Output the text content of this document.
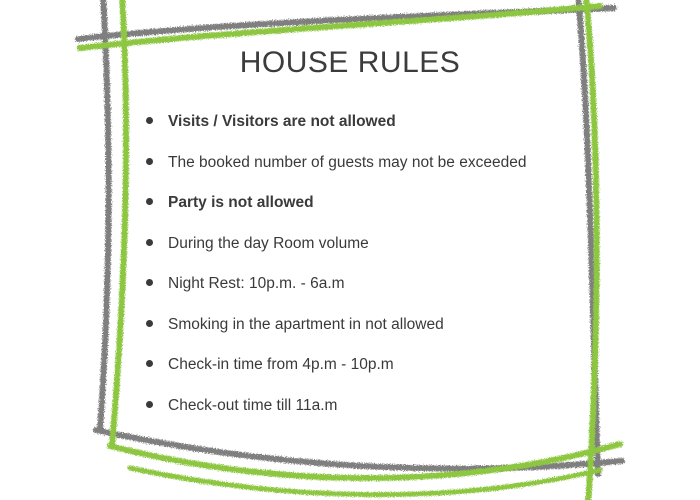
HOUSE RULES
Visits / Visitors are not allowed
The booked number of guests may not be exceeded
Party is not allowed
During the day Room volume
Night Rest: 10p.m. - 6a.m
Smoking in the apartment in not allowed
Check-in time from 4p.m - 10p.m
Check-out time till 11a.m
